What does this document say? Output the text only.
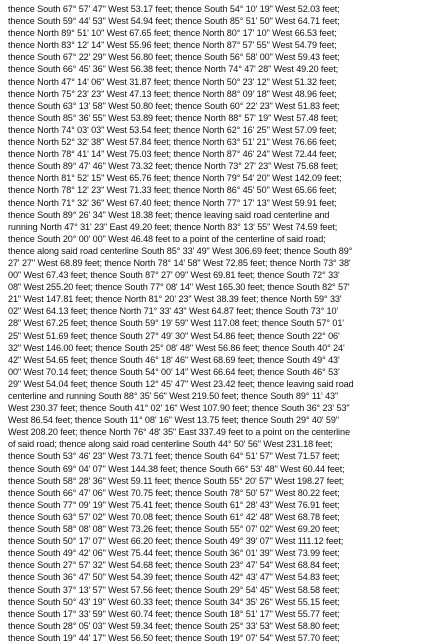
thence South 67° 57' 47" West 53.17 feet; thence South 54° 10' 19" West 52.03 feet;
thence South 59° 44' 53" West 54.94 feet; thence South 85° 51' 50" West 64.71 feet;
thence North 89° 51' 10" West 67.65 feet; thence North 80° 17' 10" West 66.53 feet;
thence North 83° 12' 14" West 55.96 feet; thence North 87° 57' 55" West 54.79 feet;
thence South 67° 22' 29" West 56.80 feet; thence South 56° 58' 00" West 59.43 feet;
thence South 66° 45' 36" West 56.38 feet; thence North 74° 47' 28" West 49.20 feet;
thence North 47° 14' 06" West 31.87 feet; thence North 50° 23' 12" West 51.32 feet;
thence North 75° 23' 23" West 47.13 feet; thence North 88° 09' 18" West 48.96 feet;
thence South 63° 13' 58" West 50.80 feet; thence South 60° 22' 23" West 51.83 feet;
thence South 85° 36' 55" West 53.89 feet; thence North 88° 57' 19" West 57.48 feet;
thence North 74° 03' 03" West 53.54 feet; thence North 62° 16' 25" West 57.09 feet;
thence North 52° 32' 38" West 57.84 feet; thence North 63° 51' 21" West 76.66 feet;
thence North 78° 41' 14" West 75.03 feet; thence North 87° 46' 24" West 72.44 feet;
thence South 89° 47' 46" West 73.32 feet; thence North 73° 27' 23" West 75.68 feet;
thence North 81° 52' 15" West 65.76 feet; thence North 79° 54' 20" West 142.09 feet;
thence North 78° 12' 23" West 71.33 feet; thence North 86° 45' 50" West 65.66 feet;
thence North 71° 32' 36" West 67.40 feet; thence North 77° 17' 13" West 59.91 feet;
thence South 89° 26' 34" West 18.38 feet; thence leaving said road centerline and
running North 47° 31' 23" East 49.20 feet; thence North 83° 13' 55" West 74.59 feet;
thence South 20° 00' 00" West 46.48 feet to a point of the centerline of said road;
thence along said road centerline South 85° 33' 49" West 306.69 feet; thence South 89°
27' 27" West 68.89 feet; thence North 78° 14' 58" West 72.85 feet; thence North 73° 38'
00" West 67.43 feet; thence South 87° 27' 09" West 69.81 feet; thence South 72° 33'
08" West 255.20 feet; thence South 77° 08' 14" West 165.30 feet; thence South 82° 57'
21" West 147.81 feet; thence North 81° 20' 23" West 38.39 feet; thence North 59° 33'
02" West 64.13 feet; thence North 71° 33' 43" West 64.87 feet; thence South 73° 10'
28" West 67.25 feet; thence South 59° 19' 59" West 117.08 feet; thence South 57° 01'
25" West 51.69 feet; thence South 27° 49' 30" West 54.86 feet; thence South 22° 06'
32" West 146.00 feet; thence South 25° 08' 48" West 56.86 feet; thence South 40° 24'
42" West 54.65 feet; thence South 46° 18' 46" West 68.69 feet; thence South 49° 43'
00" West 70.14 feet; thence South 54° 00' 14" West 66.64 feet; thence South 46° 53'
29" West 54.04 feet; thence South 12° 45' 47" West 23.42 feet; thence leaving said road
centerline and running South 88° 35' 56" West 219.50 feet; thence South 89° 11' 43"
West 230.37 feet; thence South 41° 02' 16" West 107.90 feet; thence South 36° 23' 53"
West 86.54 feet; thence South 11° 08' 16" West 13.75 feet; thence South 29° 40' 59"
West 208.20 feet; thence North 76° 48' 35" East 337.49 feet to a point on the centerline
of said road; thence along said road centerline South 44° 50' 56" West 231.18 feet;
thence South 53° 46' 23" West 73.71 feet; thence South 64° 51' 57" West 71.57 feet;
thence South 69° 04' 07" West 144.38 feet; thence South 66° 53' 48" West 60.44 feet;
thence South 58° 28' 36" West 59.11 feet; thence South 55° 20' 57" West 198.27 feet;
thence South 66° 47' 06" West 70.75 feet; thence South 78° 50' 57" West 80.22 feet;
thence South 77° 09' 19" West 75.41 feet; thence South 61° 28' 43" West 76.91 feet;
thence South 63° 57' 02" West 70.08 feet; thence South 61° 42' 48" West 68.78 feet;
thence South 58° 08' 08" West 73.26 feet; thence South 55° 07' 02" West 69.20 feet;
thence South 50° 17' 07" West 66.20 feet; thence South 49° 39' 07" West 111.12 feet;
thence South 49° 42' 06" West 75.44 feet; thence South 36° 01' 39" West 73.99 feet;
thence South 27° 57' 32" West 54.68 feet; thence South 23° 47' 54" West 68.84 feet;
thence South 36° 47' 50" West 54.39 feet; thence South 42° 43' 47" West 54.83 feet;
thence South 37° 13' 57" West 57.56 feet; thence South 29° 54' 45" West 58.58 feet;
thence South 50° 43' 19" West 60.33 feet; thence South 34° 35' 26" West 55.15 feet;
thence South 17° 33' 59" West 60.74 feet; thence South 18° 51' 17" West 55.77 feet;
thence South 28° 05' 03" West 59.34 feet; thence South 25° 33' 53" West 58.80 feet;
thence South 19° 44' 17" West 56.50 feet; thence South 19° 07' 54" West 57.70 feet;
